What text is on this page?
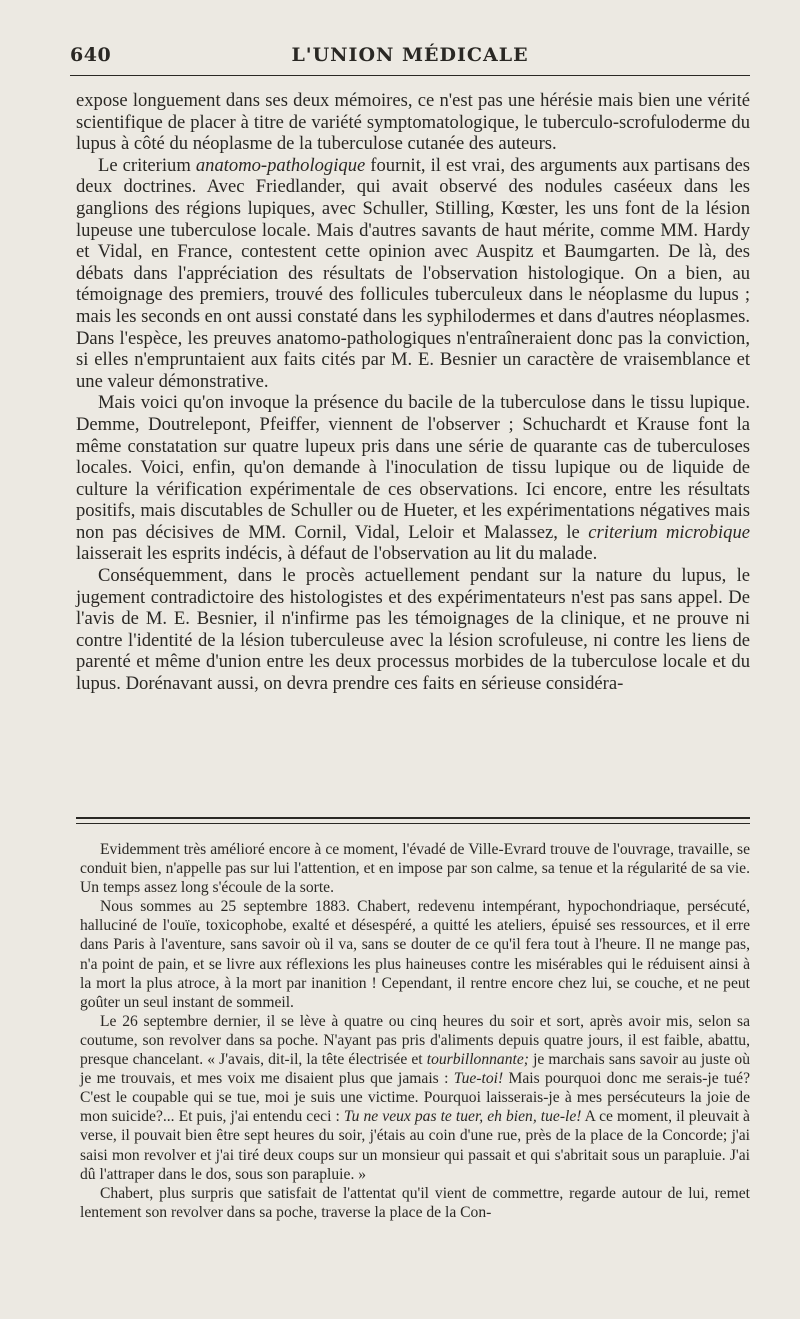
640	L'UNION MÉDICALE

expose longuement dans ses deux mémoires, ce n'est pas une hérésie mais bien une vérité scientifique de placer à titre de variété symptomatologique, le tuberculo-scrofuloderme du lupus à côté du néoplasme de la tuberculose cutanée des auteurs.

Le criterium anatomo-pathologique fournit, il est vrai, des arguments aux partisans des deux doctrines. Avec Friedlander, qui avait observé des nodules caséeux dans les ganglions des régions lupiques, avec Schuller, Stilling, Kœster, les uns font de la lésion lupeuse une tuberculose locale. Mais d'autres savants de haut mérite, comme MM. Hardy et Vidal, en France, contestent cette opinion avec Auspitz et Baumgarten. De là, des débats dans l'appréciation des résultats de l'observation histologique. On a bien, au témoignage des premiers, trouvé des follicules tuberculeux dans le néoplasme du lupus ; mais les seconds en ont aussi constaté dans les syphilodermes et dans d'autres néoplasmes. Dans l'espèce, les preuves anatomo-pathologiques n'entraîneraient donc pas la conviction, si elles n'empruntaient aux faits cités par M. E. Besnier un caractère de vraisemblance et une valeur démonstrative.

Mais voici qu'on invoque la présence du bacile de la tuberculose dans le tissu lupique. Demme, Doutrelepont, Pfeiffer, viennent de l'observer ; Schuchardt et Krause font la même constatation sur quatre lupeux pris dans une série de quarante cas de tuberculoses locales. Voici, enfin, qu'on demande à l'inoculation de tissu lupique ou de liquide de culture la vérification expérimentale de ces observations. Ici encore, entre les résultats positifs, mais discutables de Schuller ou de Hueter, et les expérimentations négatives mais non pas décisives de MM. Cornil, Vidal, Leloir et Malassez, le criterium microbique laisserait les esprits indécis, à défaut de l'observation au lit du malade.

Conséquemment, dans le procès actuellement pendant sur la nature du lupus, le jugement contradictoire des histologistes et des expérimentateurs n'est pas sans appel. De l'avis de M. E. Besnier, il n'infirme pas les témoignages de la clinique, et ne prouve ni contre l'identité de la lésion tuberculeuse avec la lésion scrofuleuse, ni contre les liens de parenté et même d'union entre les deux processus morbides de la tuberculose locale et du lupus. Dorénavant aussi, on devra prendre ces faits en sérieuse considéra-

Evidemment très amélioré encore à ce moment, l'évadé de Ville-Evrard trouve de l'ouvrage, travaille, se conduit bien, n'appelle pas sur lui l'attention, et en impose par son calme, sa tenue et la régularité de sa vie. Un temps assez long s'écoule de la sorte.

Nous sommes au 25 septembre 1883. Chabert, redevenu intempérant, hypochondriaque, persécuté, halluciné de l'ouïe, toxicophobe, exalté et désespéré, a quitté les ateliers, épuisé ses ressources, et il erre dans Paris à l'aventure, sans savoir où il va, sans se douter de ce qu'il fera tout à l'heure. Il ne mange pas, n'a point de pain, et se livre aux réflexions les plus haineuses contre les misérables qui le réduisent ainsi à la mort la plus atroce, à la mort par inanition ! Cependant, il rentre encore chez lui, se couche, et ne peut goûter un seul instant de sommeil.

Le 26 septembre dernier, il se lève à quatre ou cinq heures du soir et sort, après avoir mis, selon sa coutume, son revolver dans sa poche. N'ayant pas pris d'aliments depuis quatre jours, il est faible, abattu, presque chancelant. « J'avais, dit-il, la tête électrisée et tourbillonnante; je marchais sans savoir au juste où je me trouvais, et mes voix me disaient plus que jamais : Tue-toi! Mais pourquoi donc me serais-je tué? C'est le coupable qui se tue, moi je suis une victime. Pourquoi laisserais-je à mes persécuteurs la joie de mon suicide?... Et puis, j'ai entendu ceci : Tu ne veux pas te tuer, eh bien, tue-le! A ce moment, il pleuvait à verse, il pouvait bien être sept heures du soir, j'étais au coin d'une rue, près de la place de la Concorde; j'ai saisi mon revolver et j'ai tiré deux coups sur un monsieur qui passait et qui s'abritait sous un parapluie. J'ai dû l'attraper dans le dos, sous son parapluie. »

Chabert, plus surpris que satisfait de l'attentat qu'il vient de commettre, regarde autour de lui, remet lentement son revolver dans sa poche, traverse la place de la Con-
